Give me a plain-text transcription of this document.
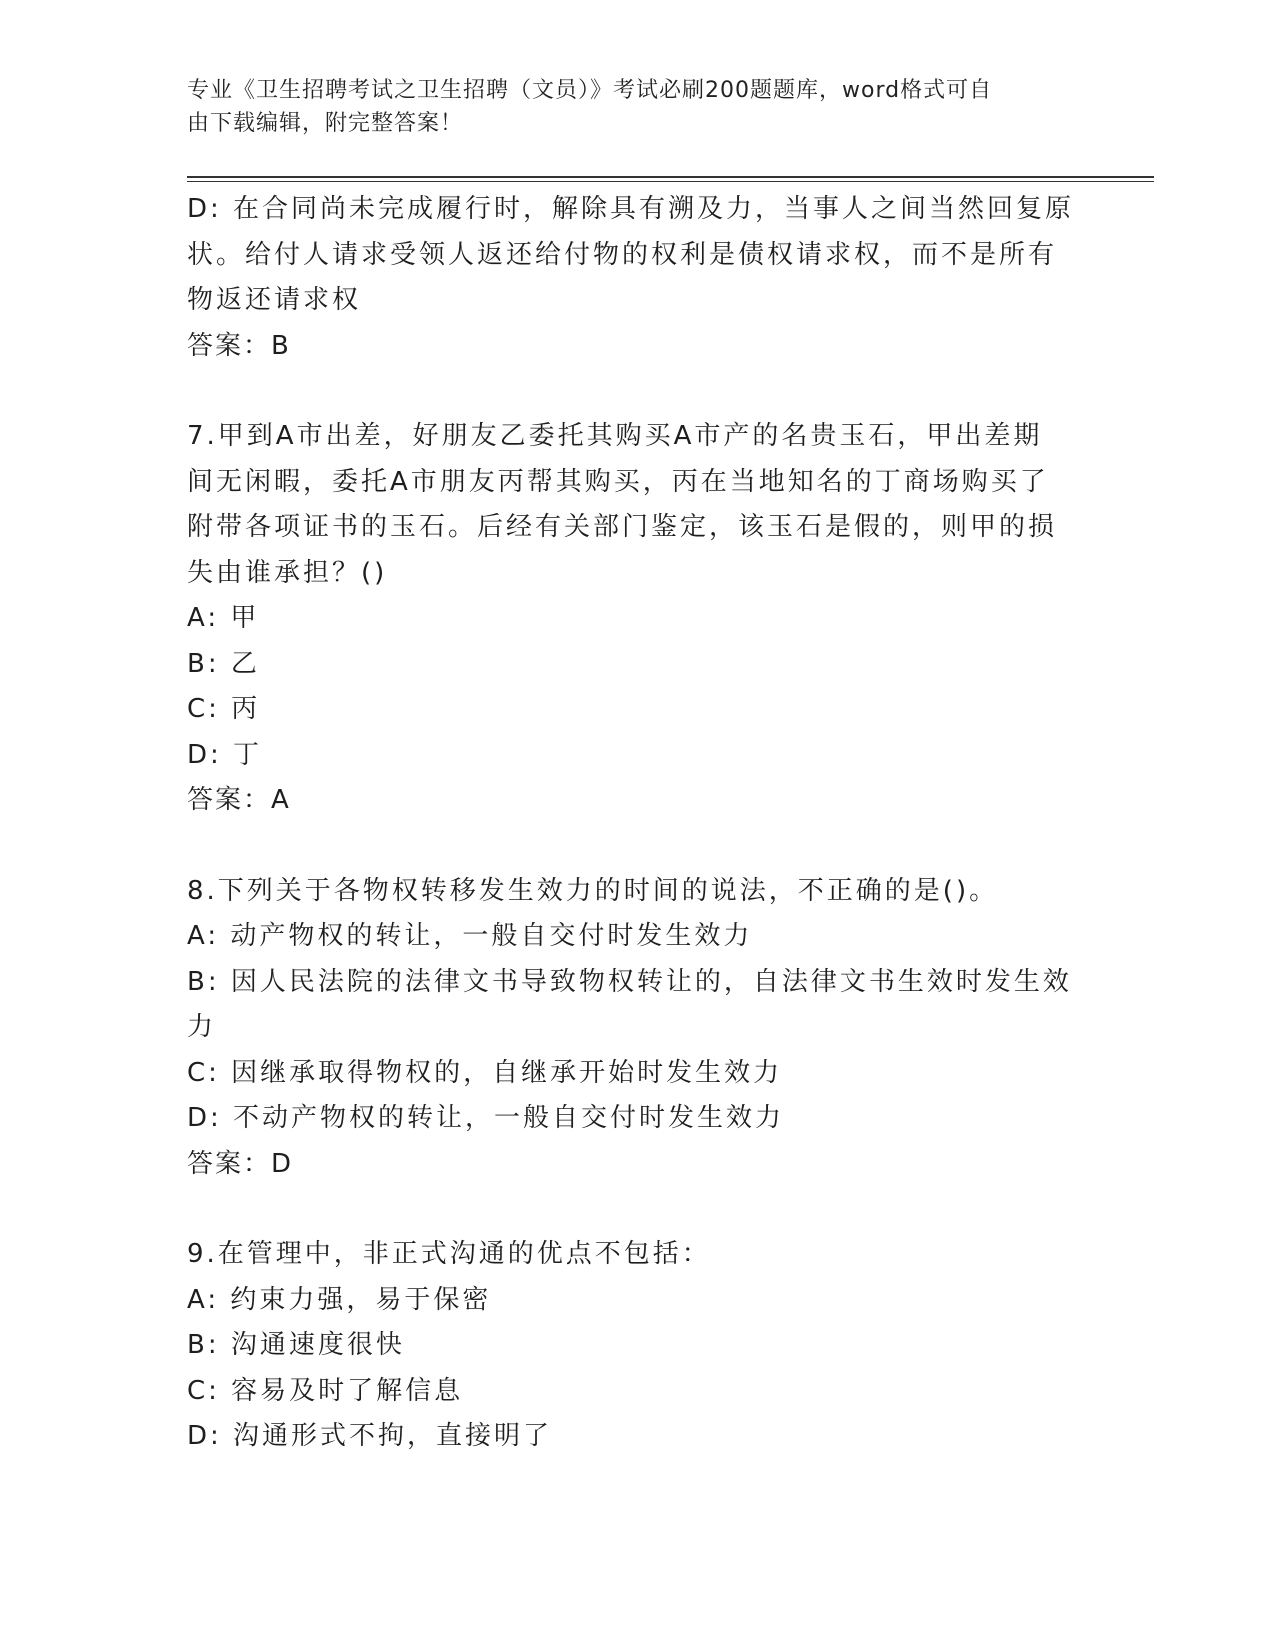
专业《卫生招聘考试之卫生招聘（文员）》考试必刷200题题库，word格式可自
由下载编辑，附完整答案！
D: 在合同尚未完成履行时，解除具有溯及力，当事人之间当然回复原
状。给付人请求受领人返还给付物的权利是债权请求权，而不是所有
物返还请求权
答案：B
7.甲到A市出差，好朋友乙委托其购买A市产的名贵玉石，甲出差期
间无闲暇，委托A市朋友丙帮其购买，丙在当地知名的丁商场购买了
附带各项证书的玉石。后经有关部门鉴定，该玉石是假的，则甲的损
失由谁承担？()
A: 甲
B: 乙
C: 丙
D: 丁
答案：A
8.下列关于各物权转移发生效力的时间的说法，不正确的是()。
A: 动产物权的转让，一般自交付时发生效力
B: 因人民法院的法律文书导致物权转让的，自法律文书生效时发生效
力
C: 因继承取得物权的，自继承开始时发生效力
D: 不动产物权的转让，一般自交付时发生效力
答案：D
9.在管理中，非正式沟通的优点不包括：
A: 约束力强，易于保密
B: 沟通速度很快
C: 容易及时了解信息
D: 沟通形式不拘，直接明了
